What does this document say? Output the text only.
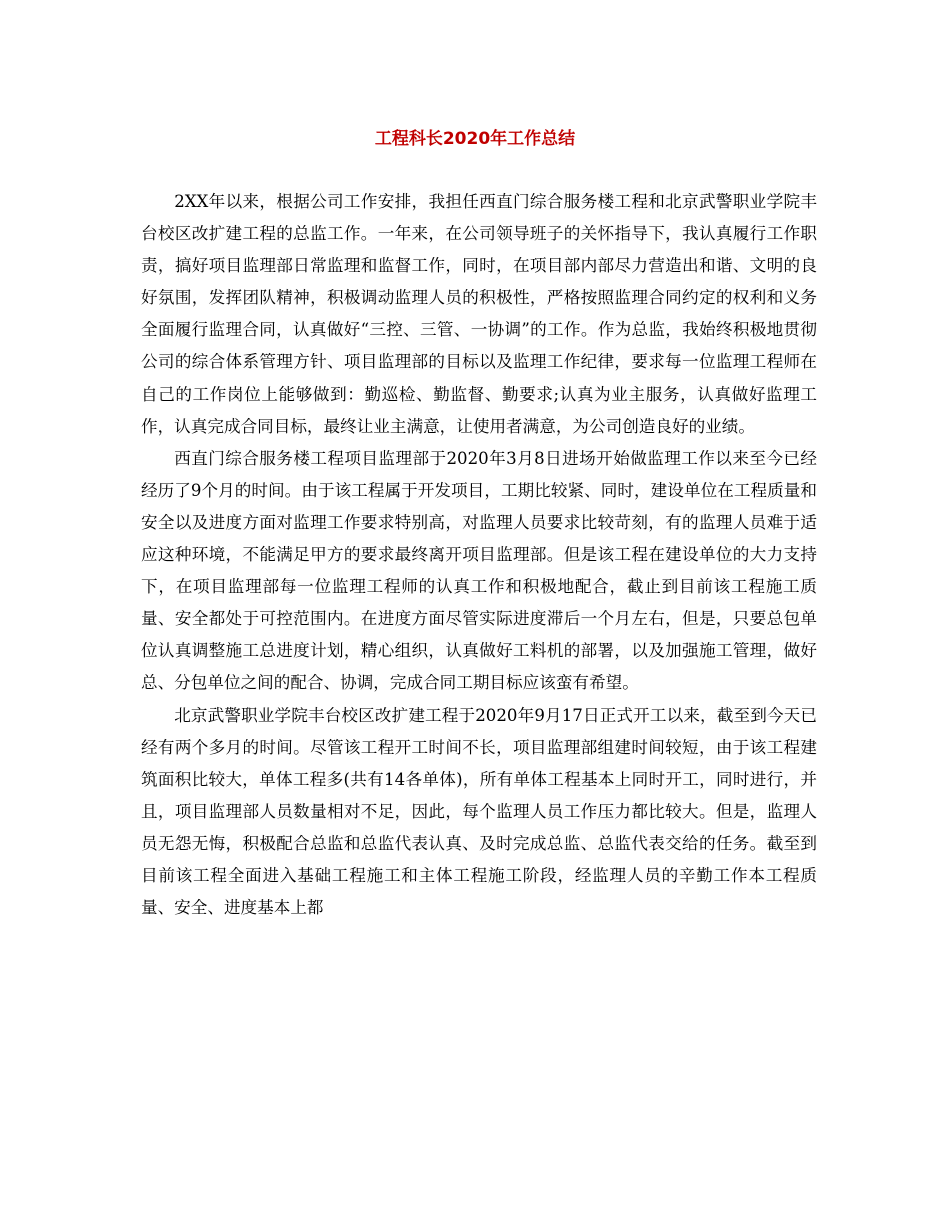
工程科长2020年工作总结

2XX年以来，根据公司工作安排，我担任西直门综合服务楼工程和北京武警职业学院丰台校区改扩建工程的总监工作。一年来，在公司领导班子的关怀指导下，我认真履行工作职责，搞好项目监理部日常监理和监督工作，同时，在项目部内部尽力营造出和谐、文明的良好氛围，发挥团队精神，积极调动监理人员的积极性，严格按照监理合同约定的权利和义务全面履行监理合同，认真做好“三控、三管、一协调”的工作。作为总监，我始终积极地贯彻公司的综合体系管理方针、项目监理部的目标以及监理工作纪律，要求每一位监理工程师在自己的工作岗位上能够做到：勤巡检、勤监督、勤要求;认真为业主服务，认真做好监理工作，认真完成合同目标，最终让业主满意，让使用者满意，为公司创造良好的业绩。

西直门综合服务楼工程项目监理部于2020年3月8日进场开始做监理工作以来至今已经经历了9个月的时间。由于该工程属于开发项目，工期比较紧、同时，建设单位在工程质量和安全以及进度方面对监理工作要求特别高，对监理人员要求比较苛刻，有的监理人员难于适应这种环境，不能满足甲方的要求最终离开项目监理部。但是该工程在建设单位的大力支持下，在项目监理部每一位监理工程师的认真工作和积极地配合，截止到目前该工程施工质量、安全都处于可控范围内。在进度方面尽管实际进度滞后一个月左右，但是，只要总包单位认真调整施工总进度计划，精心组织，认真做好工料机的部署，以及加强施工管理，做好总、分包单位之间的配合、协调，完成合同工期目标应该蛮有希望。

北京武警职业学院丰台校区改扩建工程于2020年9月17日正式开工以来，截至到今天已经有两个多月的时间。尽管该工程开工时间不长，项目监理部组建时间较短，由于该工程建筑面积比较大，单体工程多(共有14各单体)，所有单体工程基本上同时开工，同时进行，并且，项目监理部人员数量相对不足，因此，每个监理人员工作压力都比较大。但是，监理人员无怨无悔，积极配合总监和总监代表认真、及时完成总监、总监代表交给的任务。截至到目前该工程全面进入基础工程施工和主体工程施工阶段，经监理人员的辛勤工作本工程质量、安全、进度基本上都
